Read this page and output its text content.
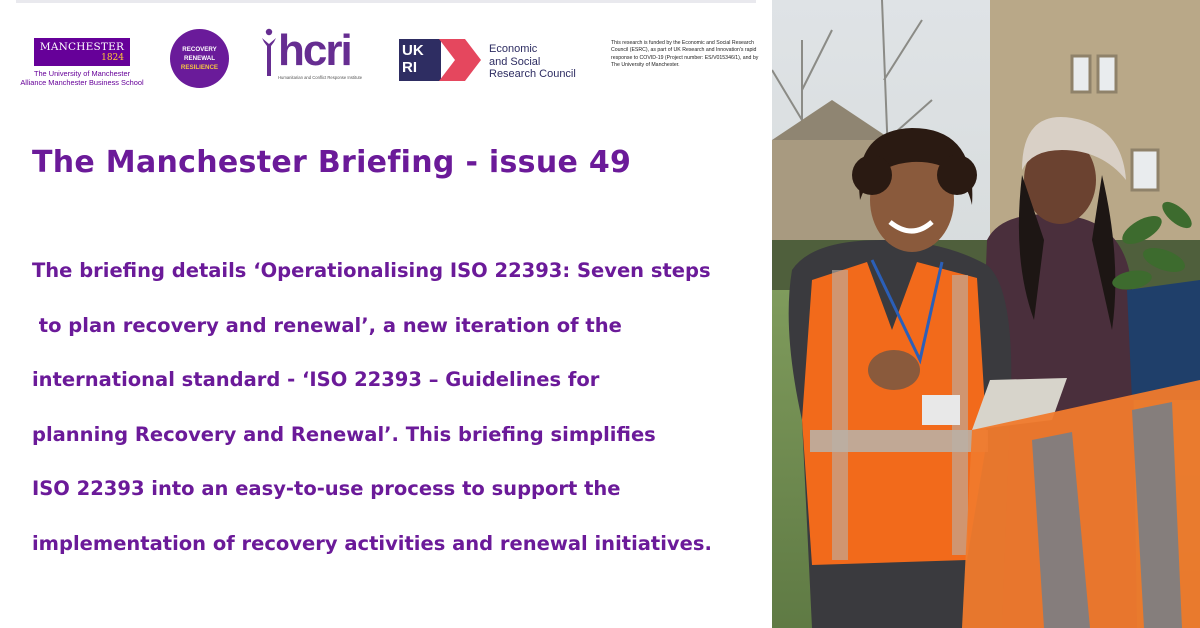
MANCHESTER
1824
The University of Manchester
Alliance Manchester Business School
RECOVERY
RENEWAL
RESILIENCE hcri
Humanitarian and Conflict Response Institute
UK RI
Economic
and Social
Research Council
This research is funded by the Economic and Social Research Council (ESRC), as part of UK Research and Innovation's rapid response to COVID-19 (Project number: ES/V015346/1), and by The University of Manchester.
The Manchester Briefing - issue 49
The briefing details ‘Operationalising ISO 22393: Seven steps
to plan recovery and renewal’, a new iteration of the
international standard - ‘ISO 22393 – Guidelines for
planning Recovery and Renewal’. This briefing simplifies
ISO 22393 into an easy-to-use process to support the
implementation of recovery activities and renewal initiatives.
